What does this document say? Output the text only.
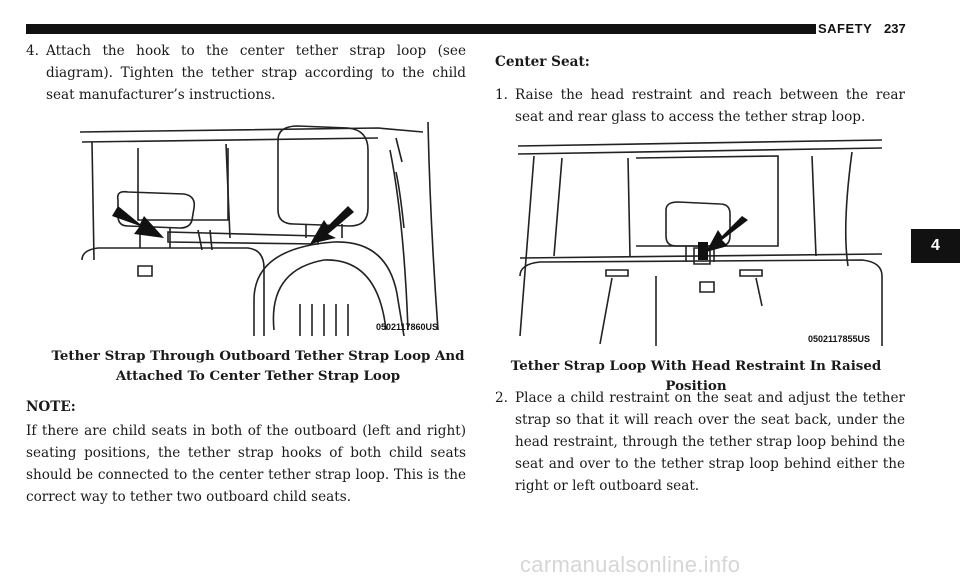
SAFETY 237
4
4. Attach the hook to the center tether strap loop (see diagram). Tighten the tether strap according to the child seat manufacturer’s instructions.
0502117860US
Tether Strap Through Outboard Tether Strap Loop And Attached To Center Tether Strap Loop
NOTE:
If there are child seats in both of the outboard (left and right) seating positions, the tether strap hooks of both child seats should be connected to the center tether strap loop. This is the correct way to tether two outboard child seats.
Center Seat:
1. Raise the head restraint and reach between the rear seat and rear glass to access the tether strap loop.
0502117855US
Tether Strap Loop With Head Restraint In Raised Position
2. Place a child restraint on the seat and adjust the tether strap so that it will reach over the seat back, under the head restraint, through the tether strap loop behind the seat and over to the tether strap loop behind either the right or left outboard seat.
carmanualsonline.info
